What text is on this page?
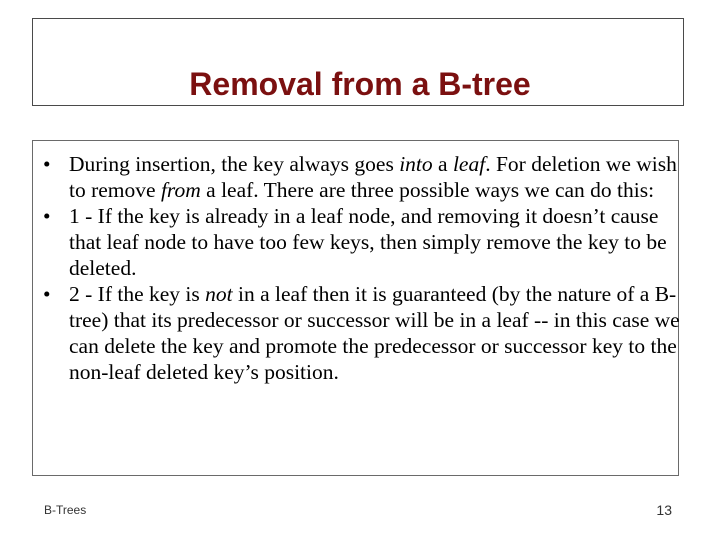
Removal from a B-tree
• During insertion, the key always goes into a leaf. For deletion we wish to remove from a leaf. There are three possible ways we can do this:
• 1 - If the key is already in a leaf node, and removing it doesn’t cause that leaf node to have too few keys, then simply remove the key to be deleted.
• 2 - If the key is not in a leaf then it is guaranteed (by the nature of a B-tree) that its predecessor or successor will be in a leaf -- in this case we can delete the key and promote the predecessor or successor key to the non-leaf deleted key’s position.
B-Trees	13
